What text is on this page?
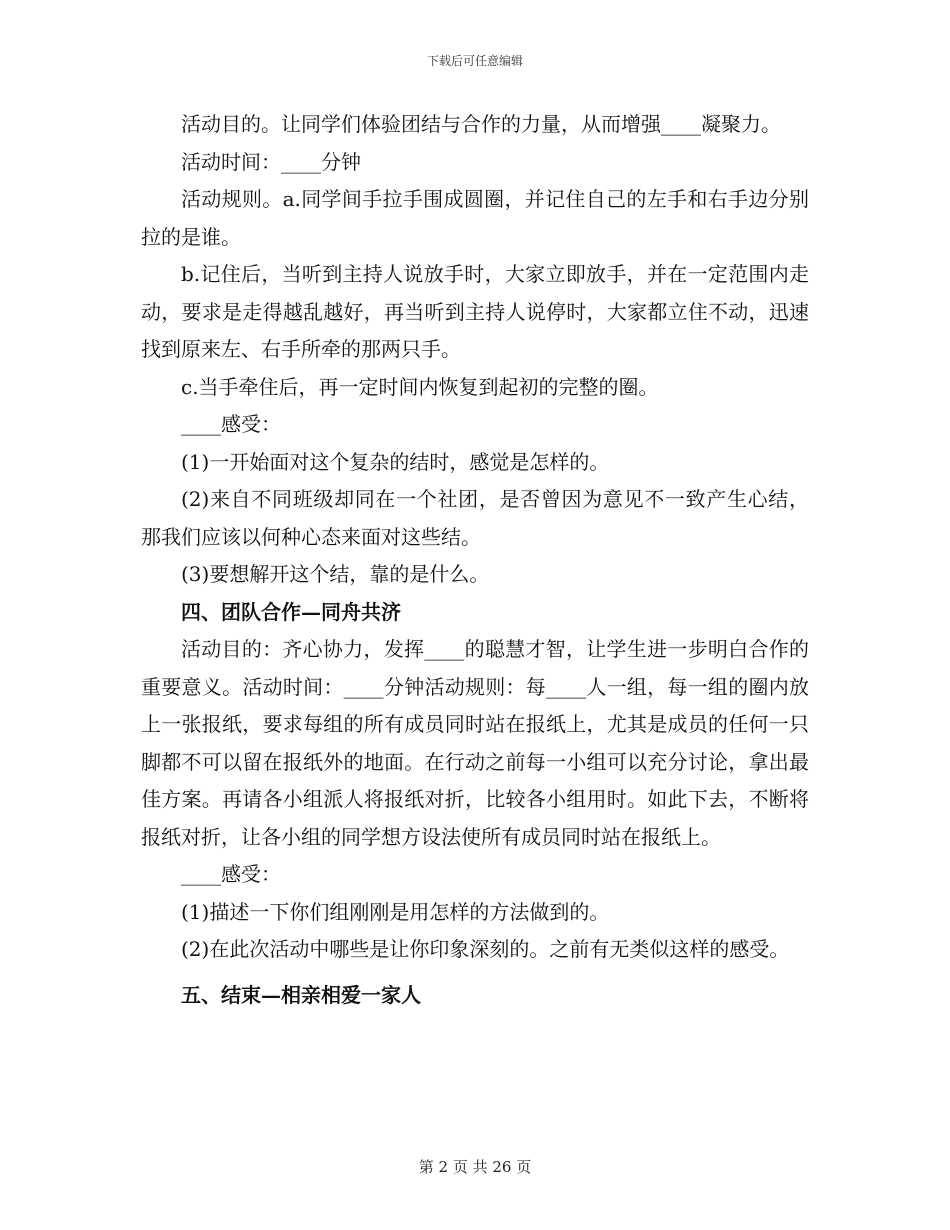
下载后可任意编辑

活动目的。让同学们体验团结与合作的力量，从而增强____凝聚力。

活动时间：____分钟

活动规则。a.同学间手拉手围成圆圈，并记住自己的左手和右手边分别拉的是谁。

b.记住后，当听到主持人说放手时，大家立即放手，并在一定范围内走动，要求是走得越乱越好，再当听到主持人说停时，大家都立住不动，迅速找到原来左、右手所牵的那两只手。

c.当手牵住后，再一定时间内恢复到起初的完整的圈。

____感受：

(1)一开始面对这个复杂的结时，感觉是怎样的。

(2)来自不同班级却同在一个社团，是否曾因为意见不一致产生心结，那我们应该以何种心态来面对这些结。

(3)要想解开这个结，靠的是什么。

四、团队合作—同舟共济

活动目的：齐心协力，发挥____的聪慧才智，让学生进一步明白合作的重要意义。活动时间：____分钟活动规则：每____人一组，每一组的圈内放上一张报纸，要求每组的所有成员同时站在报纸上，尤其是成员的任何一只脚都不可以留在报纸外的地面。在行动之前每一小组可以充分讨论，拿出最佳方案。再请各小组派人将报纸对折，比较各小组用时。如此下去，不断将报纸对折，让各小组的同学想方设法使所有成员同时站在报纸上。

____感受：

(1)描述一下你们组刚刚是用怎样的方法做到的。

(2)在此次活动中哪些是让你印象深刻的。之前有无类似这样的感受。

五、结束—相亲相爱一家人

第 2 页 共 26 页
